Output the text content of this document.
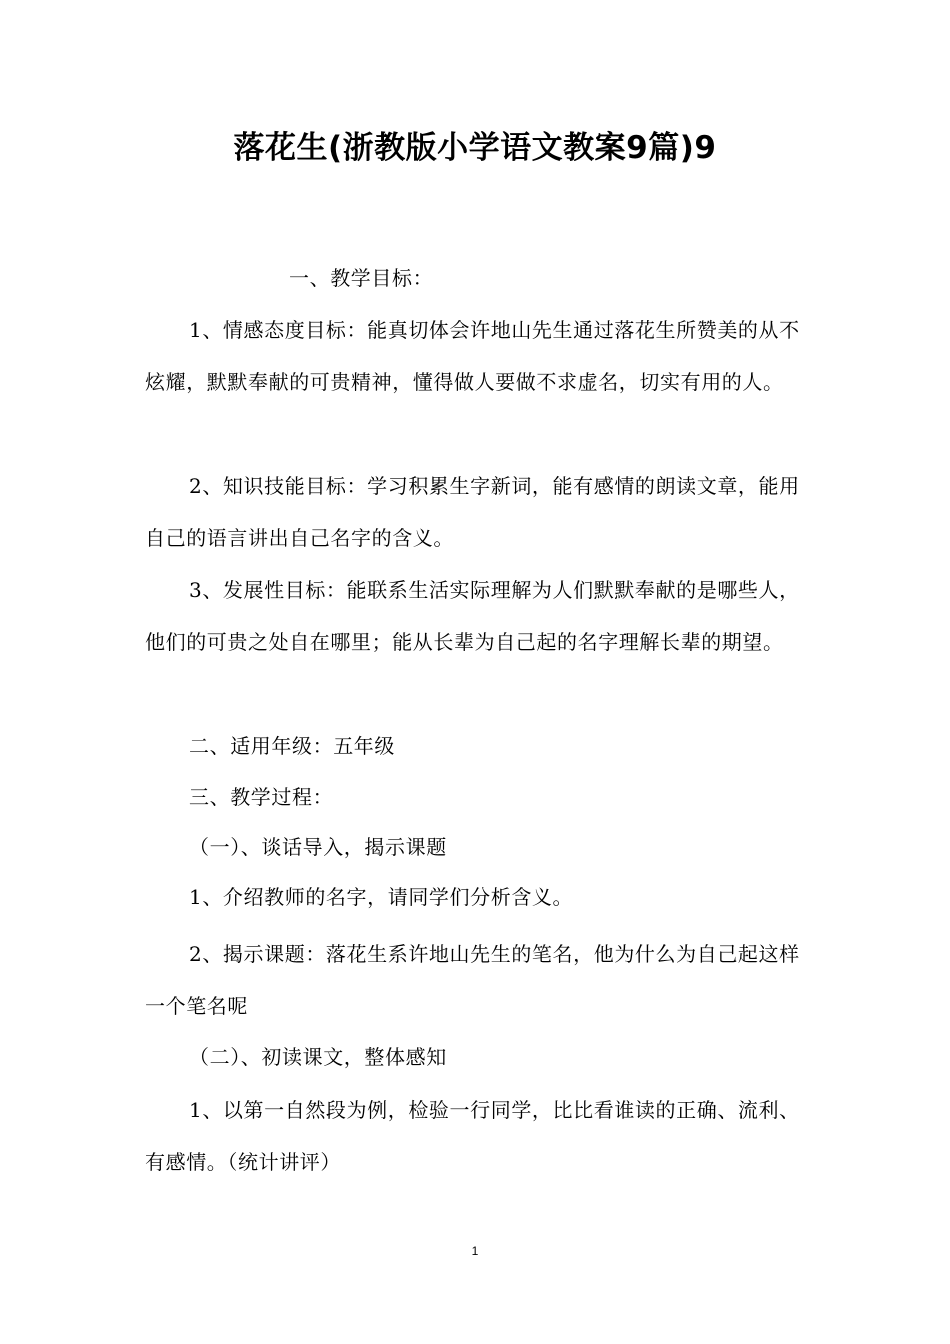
落花生(浙教版小学语文教案9篇)9

一、教学目标：

1、情感态度目标：能真切体会许地山先生通过落花生所赞美的从不炫耀，默默奉献的可贵精神，懂得做人要做不求虚名，切实有用的人。

2、知识技能目标：学习积累生字新词，能有感情的朗读文章，能用自己的语言讲出自己名字的含义。

3、发展性目标：能联系生活实际理解为人们默默奉献的是哪些人，他们的可贵之处自在哪里；能从长辈为自己起的名字理解长辈的期望。

二、适用年级：五年级

三、教学过程：

（一）、谈话导入，揭示课题

1、介绍教师的名字，请同学们分析含义。

2、揭示课题：落花生系许地山先生的笔名，他为什么为自己起这样一个笔名呢

（二）、初读课文，整体感知

1、以第一自然段为例，检验一行同学，比比看谁读的正确、流利、有感情。（统计讲评）

1
